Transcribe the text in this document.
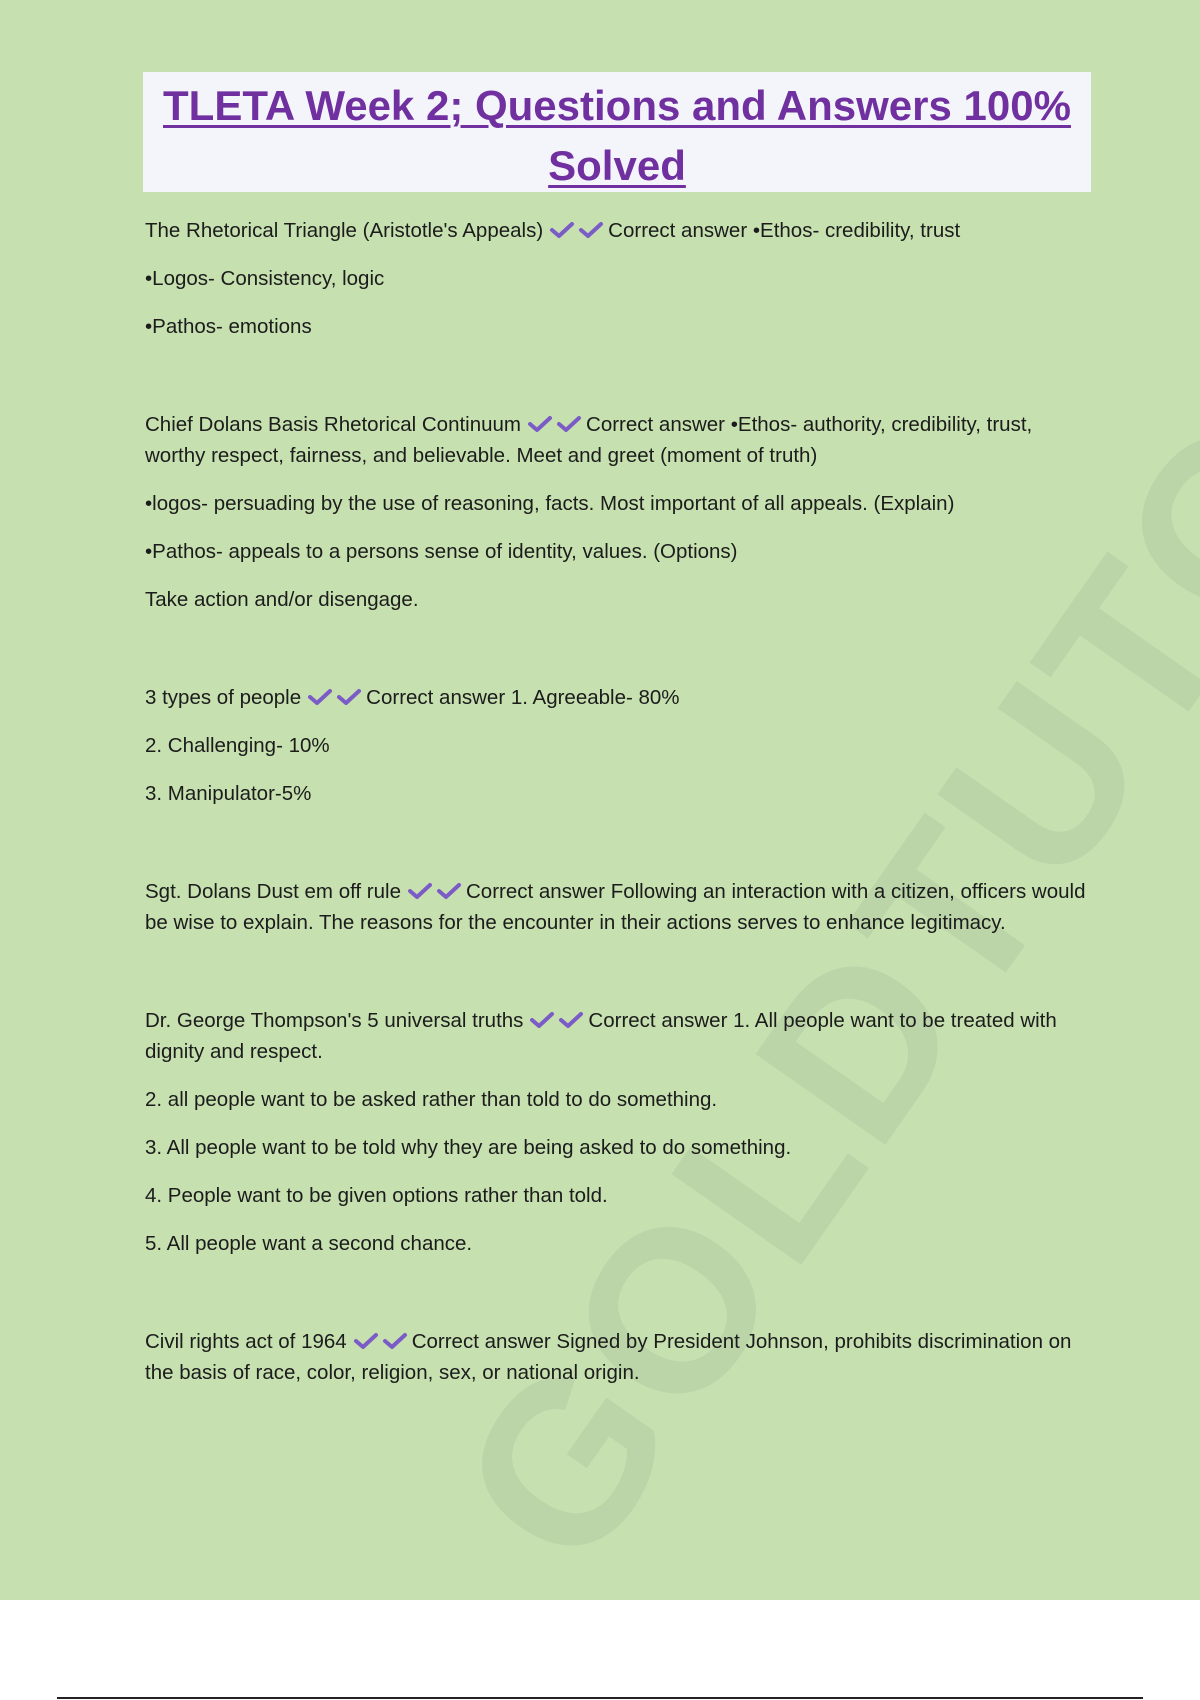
TLETA Week 2; Questions and Answers 100%
Solved

The Rhetorical Triangle (Aristotle's Appeals)	Correct answer •Ethos- credibility, trust

•Logos- Consistency, logic

•Pathos- emotions

Chief Dolans Basis Rhetorical Continuum	Correct answer •Ethos- authority, credibility, trust, worthy respect, fairness, and believable. Meet and greet (moment of truth)

•logos- persuading by the use of reasoning, facts. Most important of all appeals. (Explain)

•Pathos- appeals to a persons sense of identity, values. (Options)

Take action and/or disengage.

3 types of people	Correct answer 1. Agreeable- 80%

2. Challenging- 10%

3. Manipulator-5%

Sgt. Dolans Dust em off rule	Correct answer Following an interaction with a citizen, officers would be wise to explain. The reasons for the encounter in their actions serves to enhance legitimacy.

Dr. George Thompson's 5 universal truths	Correct answer 1. All people want to be treated with dignity and respect.

2. all people want to be asked rather than told to do something.

3. All people want to be told why they are being asked to do something.

4. People want to be given options rather than told.

5. All people want a second chance.

Civil rights act of 1964	Correct answer Signed by President Johnson, prohibits discrimination on the basis of race, color, religion, sex, or national origin.
